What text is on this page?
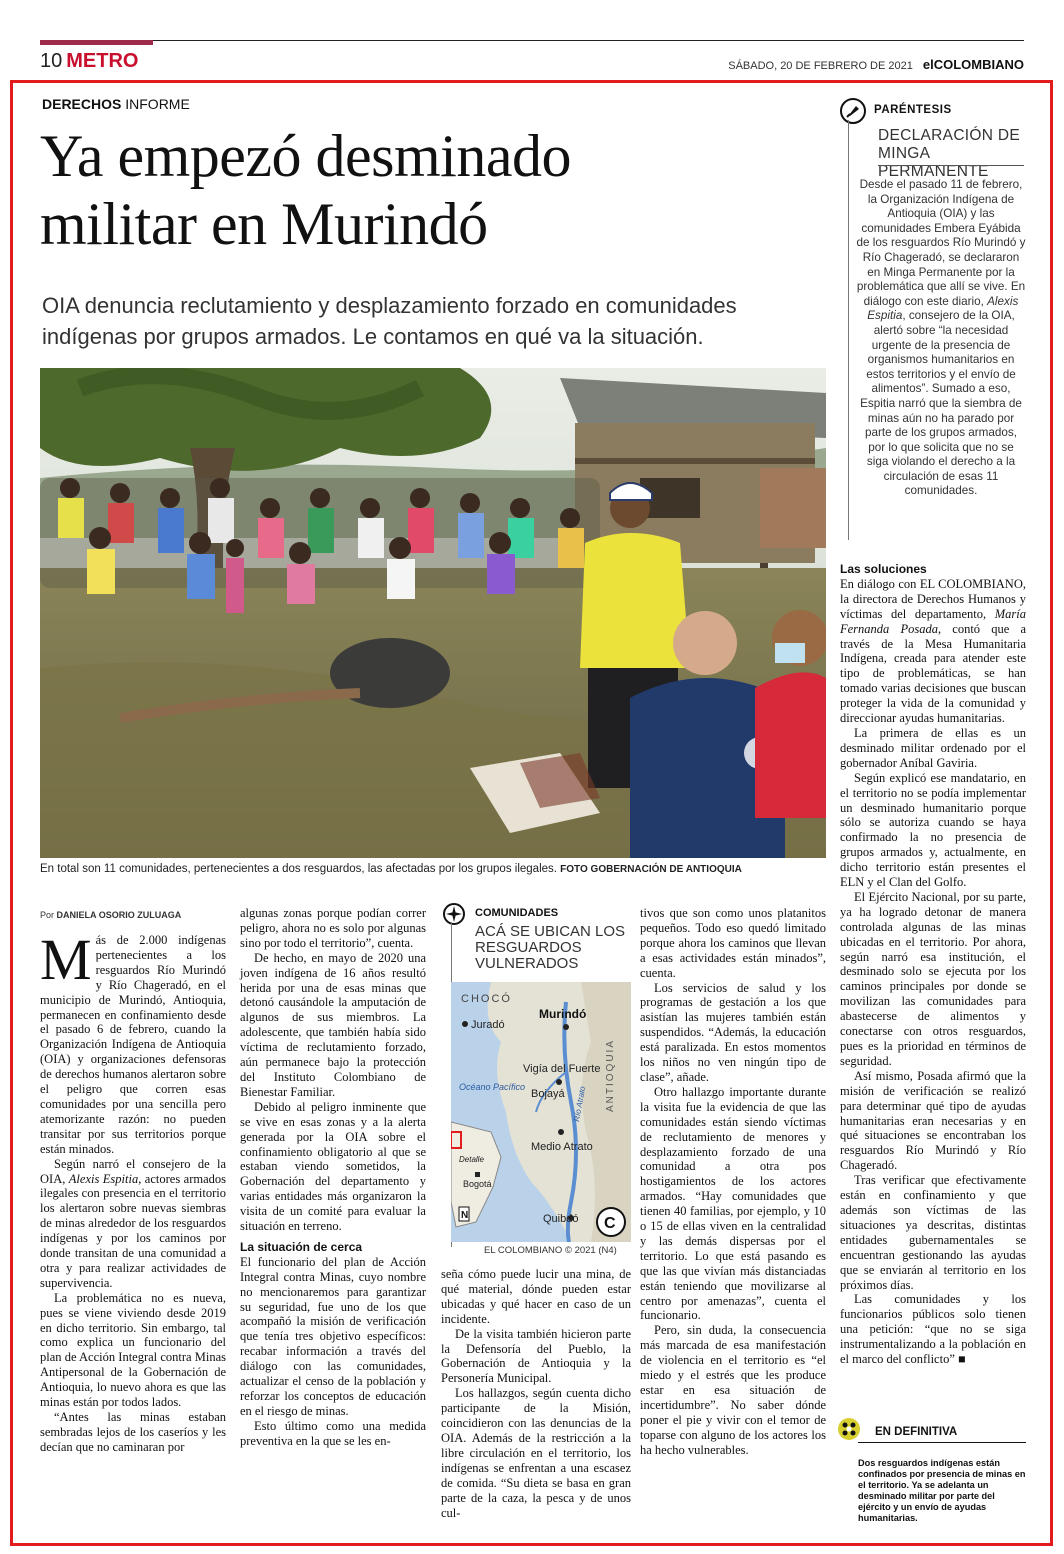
10 METRO	SÁBADO, 20 DE FEBRERO DE 2021 elCOLOMBIANO
DERECHOS INFORME
Ya empezó desminado
militar en Murindó
OIA denuncia reclutamiento y desplazamiento forzado en comunidades indígenas por grupos armados. Le contamos en qué va la situación.
En total son 11 comunidades, pertenecientes a dos resguardos, las afectadas por los grupos ilegales. FOTO GOBERNACIÓN DE ANTIOQUIA
PARÉNTESIS
DECLARACIÓN DE MINGA PERMANENTE
Desde el pasado 11 de febrero, la Organización Indígena de Antioquia (OIA) y las comunidades Embera Eyábida de los resguardos Río Murindó y Río Chageradó, se declararon en Minga Permanente por la problemática que allí se vive. En diálogo con este diario, Alexis Espitia, consejero de la OIA, alertó sobre “la necesidad urgente de la presencia de organismos humanitarios en estos territorios y el envío de alimentos”. Sumado a eso, Espitia narró que la siembra de minas aún no ha parado por parte de los grupos armados, por lo que solicita que no se siga violando el derecho a la circulación de esas 11 comunidades.
Por DANIELA OSORIO ZULUAGA

Más de 2.000 indígenas pertenecientes a los resguardos Río Murindó y Río Chageradó, en el municipio de Murindó, Antioquia, permanecen en confinamiento desde el pasado 6 de febrero, cuando la Organización Indígena de Antioquia (OIA) y organizaciones defensoras de derechos humanos alertaron sobre el peligro que corren esas comunidades por una sencilla pero atemorizante razón: no pueden transitar por sus territorios porque están minados.

Según narró el consejero de la OIA, Alexis Espitia, actores armados ilegales con presencia en el territorio los alertaron sobre nuevas siembras de minas alrededor de los resguardos indígenas y por los caminos por donde transitan de una comunidad a otra y para realizar actividades de supervivencia.

La problemática no es nueva, pues se viene viviendo desde 2019 en dicho territorio. Sin embargo, tal como explica un funcionario del plan de Acción Integral contra Minas Antipersonal de la Gobernación de Antioquia, lo nuevo ahora es que las minas están por todos lados.

“Antes las minas estaban sembradas lejos de los caseríos y les decían que no caminaran por

algunas zonas porque podían correr peligro, ahora no es solo por algunas sino por todo el territorio”, cuenta.

De hecho, en mayo de 2020 una joven indígena de 16 años resultó herida por una de esas minas que detonó causándole la amputación de algunos de sus miembros. La adolescente, que también había sido víctima de reclutamiento forzado, aún permanece bajo la protección del Instituto Colombiano de Bienestar Familiar.

Debido al peligro inminente que se vive en esas zonas y a la alerta generada por la OIA sobre el confinamiento obligatorio al que se estaban viendo sometidos, la Gobernación del departamento y varias entidades más organizaron la visita de un comité para evaluar la situación en terreno.

La situación de cerca

El funcionario del plan de Acción Integral contra Minas, cuyo nombre no mencionaremos para garantizar su seguridad, fue uno de los que acompañó la misión de verificación que tenía tres objetivo específicos: recabar información a través del diálogo con las comunidades, actualizar el censo de la población y reforzar los conceptos de educación en el riesgo de minas.

Esto último como una medida preventiva en la que se les en-

COMUNIDADES
ACÁ SE UBICAN LOS RESGUARDOS VULNERADOS
Detalle
Bogotá
CHOCÓ
Juradó
Murindó
Vigía del Fuerte
Bojayá Río Atrato ANTIOQUIA
Océano Pacífico
Medio Atrato
Quibdó C
N
EL COLOMBIANO © 2021 (N4)

seña cómo puede lucir una mina, de qué material, dónde pueden estar ubicadas y qué hacer en caso de un incidente.

De la visita también hicieron parte la Defensoría del Pueblo, la Gobernación de Antioquia y la Personería Municipal.

Los hallazgos, según cuenta dicho participante de la Misión, coincidieron con las denuncias de la OIA. Además de la restricción a la libre circulación en el territorio, los indígenas se enfrentan a una escasez de comida. “Su dieta se basa en gran parte de la caza, la pesca y de unos cul-

tivos que son como unos platanitos pequeños. Todo eso quedó limitado porque ahora los caminos que llevan a esas actividades están minados”, cuenta.

Los servicios de salud y los programas de gestación a los que asistían las mujeres también están suspendidos. “Además, la educación está paralizada. En estos momentos los niños no ven ningún tipo de clase”, añade.

Otro hallazgo importante durante la visita fue la evidencia de que las comunidades están siendo víctimas de reclutamiento de menores y desplazamiento forzado de una comunidad a otra pos hostigamientos de los actores armados. “Hay comunidades que tienen 40 familias, por ejemplo, y 10 o 15 de ellas viven en la centralidad y las demás dispersas por el territorio. Lo que está pasando es que las que vivían más distanciadas están teniendo que movilizarse al centro por amenazas”, cuenta el funcionario.

Pero, sin duda, la consecuencia más marcada de esa manifestación de violencia en el territorio es “el miedo y el estrés que les produce estar en esa situación de incertidumbre”. No saber dónde poner el pie y vivir con el temor de toparse con alguno de los actores los ha hecho vulnerables.

Las soluciones

En diálogo con EL COLOMBIANO, la directora de Derechos Humanos y víctimas del departamento, María Fernanda Posada, contó que a través de la Mesa Humanitaria Indígena, creada para atender este tipo de problemáticas, se han tomado varias decisiones que buscan proteger la vida de la comunidad y direccionar ayudas humanitarias.

La primera de ellas es un desminado militar ordenado por el gobernador Aníbal Gaviria.

Según explicó ese mandatario, en el territorio no se podía implementar un desminado humanitario porque sólo se autoriza cuando se haya confirmado la no presencia de grupos armados y, actualmente, en dicho territorio están presentes el ELN y el Clan del Golfo.

El Ejército Nacional, por su parte, ya ha logrado detonar de manera controlada algunas de las minas ubicadas en el territorio. Por ahora, según narró esa institución, el desminado solo se ejecuta por los caminos principales por donde se movilizan las comunidades para abastecerse de alimentos y conectarse con otros resguardos, pues es la prioridad en términos de seguridad.

Así mismo, Posada afirmó que la misión de verificación se realizó para determinar qué tipo de ayudas humanitarias eran necesarias y en qué situaciones se encontraban los resguardos Río Murindó y Río Chageradó.

Tras verificar que efectivamente están en confinamiento y que además son víctimas de las situaciones ya descritas, distintas entidades gubernamentales se encuentran gestionando las ayudas que se enviarán al territorio en los próximos días.

Las comunidades y los funcionarios públicos solo tienen una petición: “que no se siga instrumentalizando a la población en el marco del conflicto” ■

EN DEFINITIVA
Dos resguardos indígenas están confinados por presencia de minas en el territorio. Ya se adelanta un desminado militar por parte del ejército y un envío de ayudas humanitarias.
